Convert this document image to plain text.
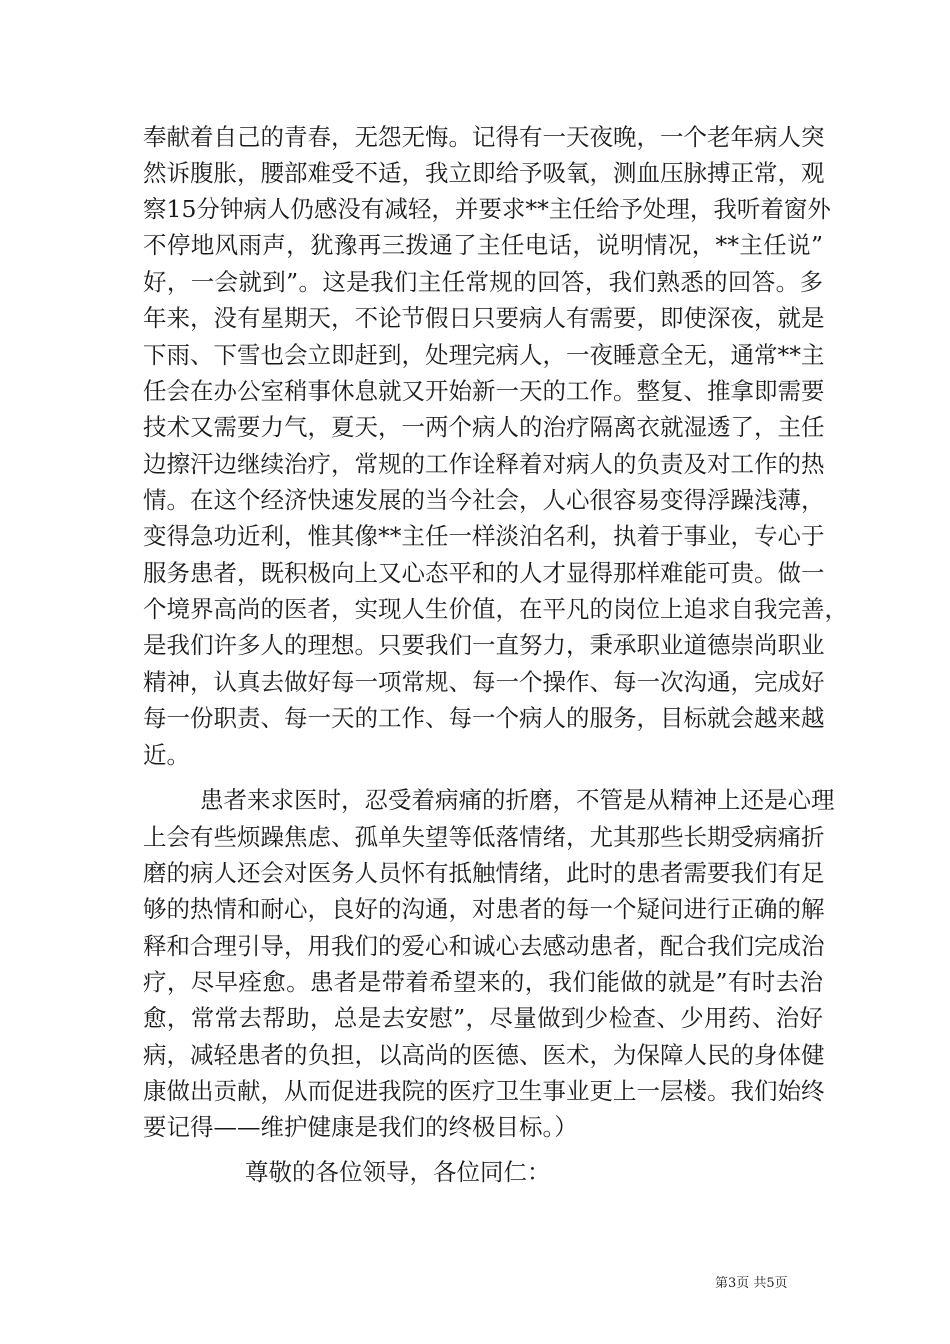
奉献着自己的青春，无怨无悔。记得有一天夜晚，一个老年病人突
然诉腹胀，腰部难受不适，我立即给予吸氧，测血压脉搏正常，观
察15分钟病人仍感没有减轻，并要求**主任给予处理，我听着窗外
不停地风雨声，犹豫再三拨通了主任电话，说明情况，**主任说”
好，一会就到”。这是我们主任常规的回答，我们熟悉的回答。多
年来，没有星期天，不论节假日只要病人有需要，即使深夜，就是
下雨、下雪也会立即赶到，处理完病人，一夜睡意全无，通常**主
任会在办公室稍事休息就又开始新一天的工作。整复、推拿即需要
技术又需要力气，夏天，一两个病人的治疗隔离衣就湿透了，主任
边擦汗边继续治疗，常规的工作诠释着对病人的负责及对工作的热
情。在这个经济快速发展的当今社会，人心很容易变得浮躁浅薄，
变得急功近利，惟其像**主任一样淡泊名利，执着于事业，专心于
服务患者，既积极向上又心态平和的人才显得那样难能可贵。做一
个境界高尚的医者，实现人生价值，在平凡的岗位上追求自我完善，
是我们许多人的理想。只要我们一直努力，秉承职业道德崇尚职业
精神，认真去做好每一项常规、每一个操作、每一次沟通，完成好
每一份职责、每一天的工作、每一个病人的服务，目标就会越来越
近。
患者来求医时，忍受着病痛的折磨，不管是从精神上还是心理
上会有些烦躁焦虑、孤单失望等低落情绪，尤其那些长期受病痛折
磨的病人还会对医务人员怀有抵触情绪，此时的患者需要我们有足
够的热情和耐心，良好的沟通，对患者的每一个疑问进行正确的解
释和合理引导，用我们的爱心和诚心去感动患者，配合我们完成治
疗，尽早痊愈。患者是带着希望来的，我们能做的就是”有时去治
愈，常常去帮助，总是去安慰”，尽量做到少检查、少用药、治好
病，减轻患者的负担，以高尚的医德、医术，为保障人民的身体健
康做出贡献，从而促进我院的医疗卫生事业更上一层楼。我们始终
要记得——维护健康是我们的终极目标。）
尊敬的各位领导，各位同仁：
第3页 共5页
